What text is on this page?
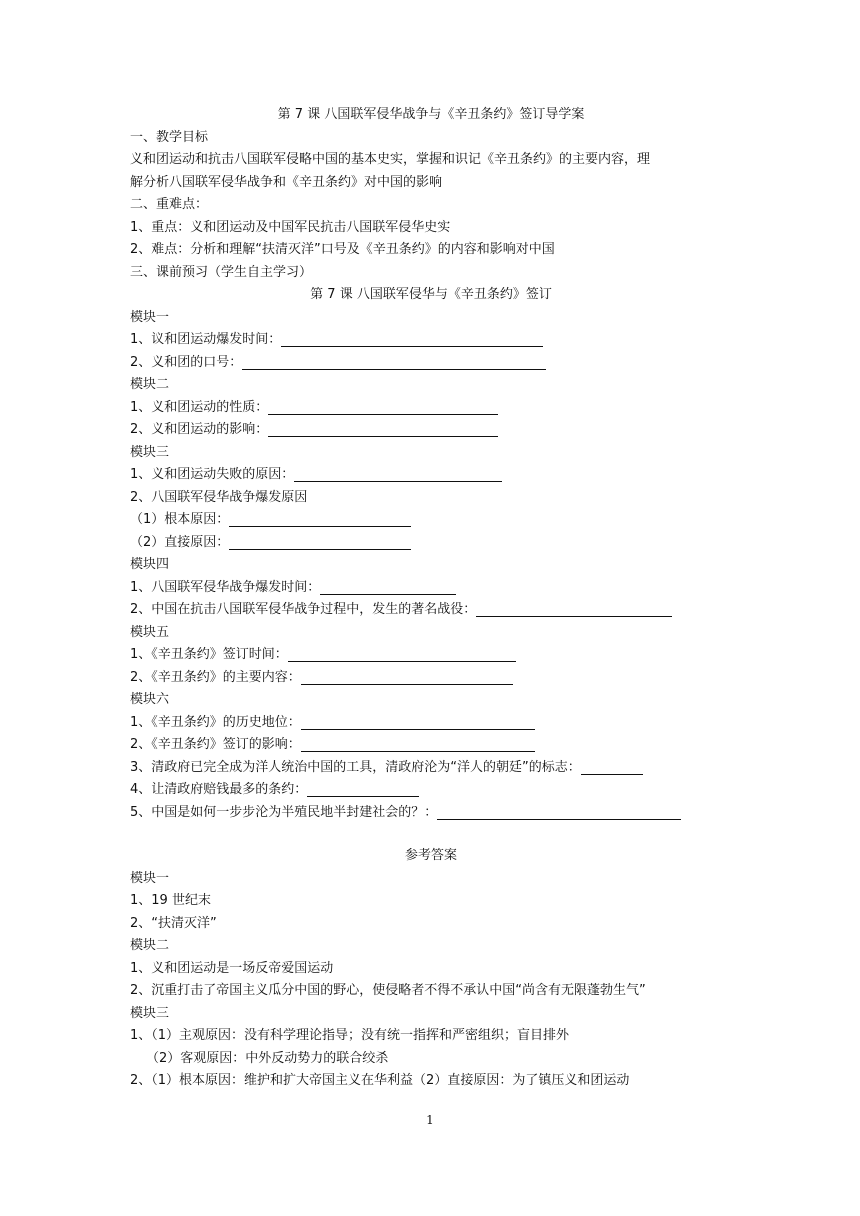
第 7 课 八国联军侵华战争与《辛丑条约》签订导学案
一、教学目标
义和团运动和抗击八国联军侵略中国的基本史实，掌握和识记《辛丑条约》的主要内容，理
解分析八国联军侵华战争和《辛丑条约》对中国的影响
二、重难点：
1、重点：义和团运动及中国军民抗击八国联军侵华史实
2、难点：分析和理解“扶清灭洋”口号及《辛丑条约》的内容和影响对中国
三、课前预习（学生自主学习）
第 7 课 八国联军侵华与《辛丑条约》签订
模块一
1、议和团运动爆发时间：
2、义和团的口号：
模块二
1、义和团运动的性质：
2、义和团运动的影响：
模块三
1、义和团运动失败的原因：
2、八国联军侵华战争爆发原因
（1）根本原因：
（2）直接原因：
模块四
1、八国联军侵华战争爆发时间：
2、中国在抗击八国联军侵华战争过程中，发生的著名战役：
模块五
1、《辛丑条约》签订时间：
2、《辛丑条约》的主要内容：
模块六
1、《辛丑条约》的历史地位：
2、《辛丑条约》签订的影响：
3、清政府已完全成为洋人统治中国的工具，清政府沦为“洋人的朝廷”的标志：
4、让清政府赔钱最多的条约：
5、中国是如何一步步沦为半殖民地半封建社会的？：
参考答案
模块一
1、19 世纪末
2、“扶清灭洋”
模块二
1、义和团运动是一场反帝爱国运动
2、沉重打击了帝国主义瓜分中国的野心，使侵略者不得不承认中国“尚含有无限蓬勃生气”
模块三
1、（1）主观原因：没有科学理论指导；没有统一指挥和严密组织；盲目排外
（2）客观原因：中外反动势力的联合绞杀
2、（1）根本原因：维护和扩大帝国主义在华利益（2）直接原因：为了镇压义和团运动
1
